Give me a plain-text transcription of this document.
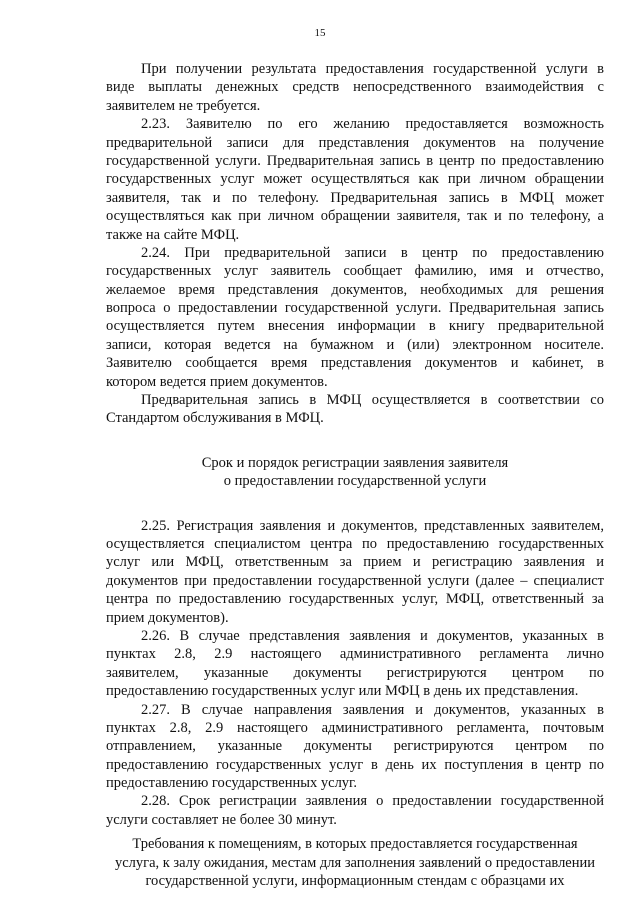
15
При получении результата предоставления государственной услуги в
виде выплаты денежных средств непосредственного взаимодействия с
заявителем не требуется.
2.23. Заявителю по его желанию предоставляется возможность
предварительной записи для представления документов на получение
государственной услуги. Предварительная запись в центр по предоставлению
государственных услуг может осуществляться как при личном обращении
заявителя, так и по телефону. Предварительная запись в МФЦ может
осуществляться как при личном обращении заявителя, так и по телефону, а
также на сайте МФЦ.
2.24. При предварительной записи в центр по предоставлению
государственных услуг заявитель сообщает фамилию, имя и отчество,
желаемое время представления документов, необходимых для решения
вопроса о предоставлении государственной услуги. Предварительная запись
осуществляется путем внесения информации в книгу предварительной
записи, которая ведется на бумажном и (или) электронном носителе.
Заявителю сообщается время представления документов и кабинет, в
котором ведется прием документов.
Предварительная запись в МФЦ осуществляется в соответствии со
Стандартом обслуживания в МФЦ.
Срок и порядок регистрации заявления заявителя
о предоставлении государственной услуги
2.25. Регистрация заявления и документов, представленных заявителем,
осуществляется специалистом центра по предоставлению государственных
услуг или МФЦ, ответственным за прием и регистрацию заявления и
документов при предоставлении государственной услуги (далее – специалист
центра по предоставлению государственных услуг, МФЦ, ответственный за
прием документов).
2.26. В случае представления заявления и документов, указанных в
пунктах 2.8, 2.9 настоящего административного регламента лично
заявителем, указанные документы регистрируются центром по
предоставлению государственных услуг или МФЦ в день их представления.
2.27. В случае направления заявления и документов, указанных в
пунктах 2.8, 2.9 настоящего административного регламента, почтовым
отправлением, указанные документы регистрируются центром по
предоставлению государственных услуг в день их поступления в центр по
предоставлению государственных услуг.
2.28. Срок регистрации заявления о предоставлении государственной
услуги составляет не более 30 минут.
Требования к помещениям, в которых предоставляется государственная
услуга, к залу ожидания, местам для заполнения заявлений о предоставлении
государственной услуги, информационным стендам с образцами их
